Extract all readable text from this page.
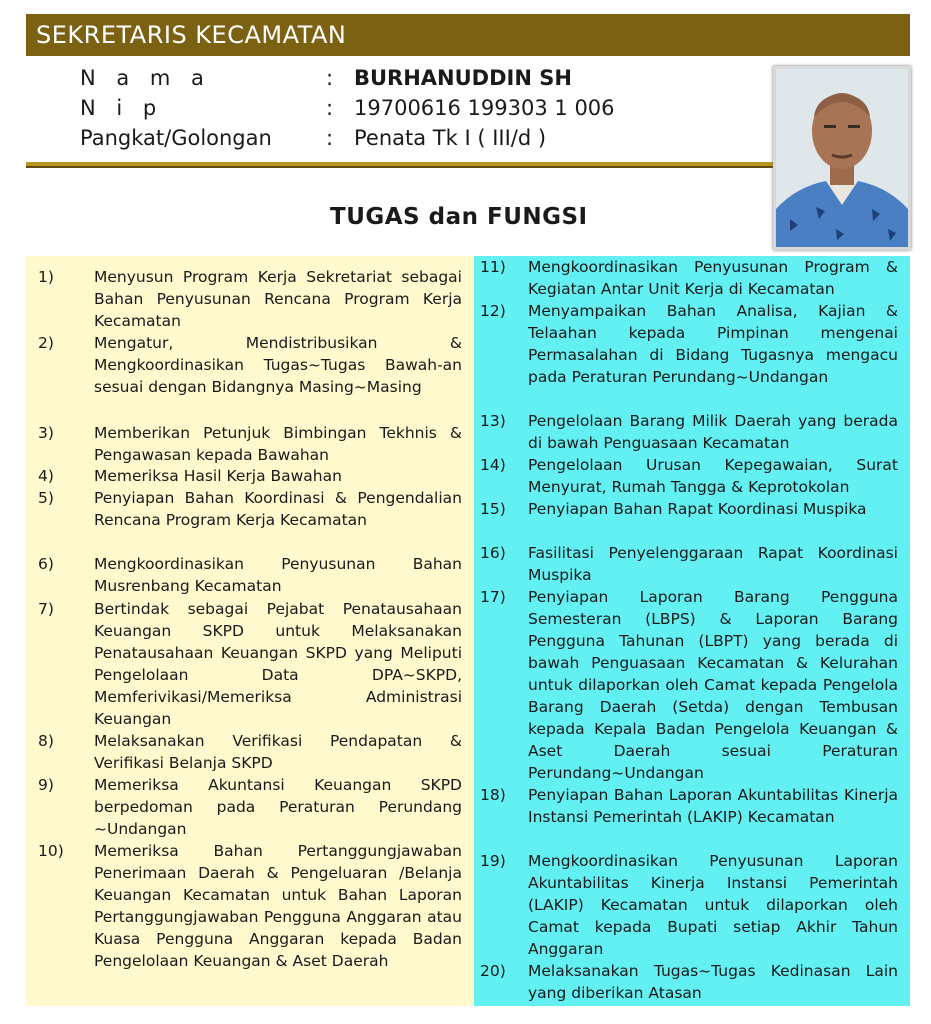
SEKRETARIS KECAMATAN
N a m a	: BURHANUDDIN SH
N i p	: 19700616 199303 1 006
Pangkat/Golongan	: Penata Tk I ( III/d )
TUGAS dan FUNGSI
1)	Menyusun Program Kerja Sekretariat sebagai Bahan Penyusunan Rencana Program Kerja Kecamatan
2)	Mengatur, Mendistribusikan & Mengkoordinasikan Tugas~Tugas Bawah-an sesuai dengan Bidangnya Masing~Masing
3)	Memberikan Petunjuk Bimbingan Tekhnis & Pengawasan kepada Bawahan
4)	Memeriksa Hasil Kerja Bawahan
5)	Penyiapan Bahan Koordinasi & Pengendalian Rencana Program Kerja Kecamatan
6)	Mengkoordinasikan Penyusunan Bahan Musrenbang Kecamatan
7)	Bertindak sebagai Pejabat Penatausahaan Keuangan SKPD untuk Melaksanakan Penatausahaan Keuangan SKPD yang Meliputi Pengelolaan Data DPA~SKPD, Memferivikasi/Memeriksa Administrasi Keuangan
8)	Melaksanakan Verifikasi Pendapatan & Verifikasi Belanja SKPD
9)	Memeriksa Akuntansi Keuangan SKPD berpedoman pada Peraturan Perundang ~Undangan
10) Memeriksa Bahan Pertanggungjawaban Penerimaan Daerah & Pengeluaran /Belanja Keuangan Kecamatan untuk Bahan Laporan Pertanggungjawaban Pengguna Anggaran atau Kuasa Pengguna Anggaran kepada Badan Pengelolaan Keuangan & Aset Daerah
11) Mengkoordinasikan Penyusunan Program & Kegiatan Antar Unit Kerja di Kecamatan
12) Menyampaikan Bahan Analisa, Kajian & Telaahan kepada Pimpinan mengenai Permasalahan di Bidang Tugasnya mengacu pada Peraturan Perundang~Undangan
13) Pengelolaan Barang Milik Daerah yang berada di bawah Penguasaan Kecamatan
14) Pengelolaan Urusan Kepegawaian, Surat Menyurat, Rumah Tangga & Keprotokolan
15) Penyiapan Bahan Rapat Koordinasi Muspika
16) Fasilitasi Penyelenggaraan Rapat Koordinasi Muspika
17) Penyiapan Laporan Barang Pengguna Semesteran (LBPS) & Laporan Barang Pengguna Tahunan (LBPT) yang berada di bawah Penguasaan Kecamatan & Kelurahan untuk dilaporkan oleh Camat kepada Pengelola Barang Daerah (Setda) dengan Tembusan kepada Kepala Badan Pengelola Keuangan & Aset Daerah sesuai Peraturan Perundang~Undangan
18) Penyiapan Bahan Laporan Akuntabilitas Kinerja Instansi Pemerintah (LAKIP) Kecamatan
19) Mengkoordinasikan Penyusunan Laporan Akuntabilitas Kinerja Instansi Pemerintah (LAKIP) Kecamatan untuk dilaporkan oleh Camat kepada Bupati setiap Akhir Tahun Anggaran
20) Melaksanakan Tugas~Tugas Kedinasan Lain yang diberikan Atasan
